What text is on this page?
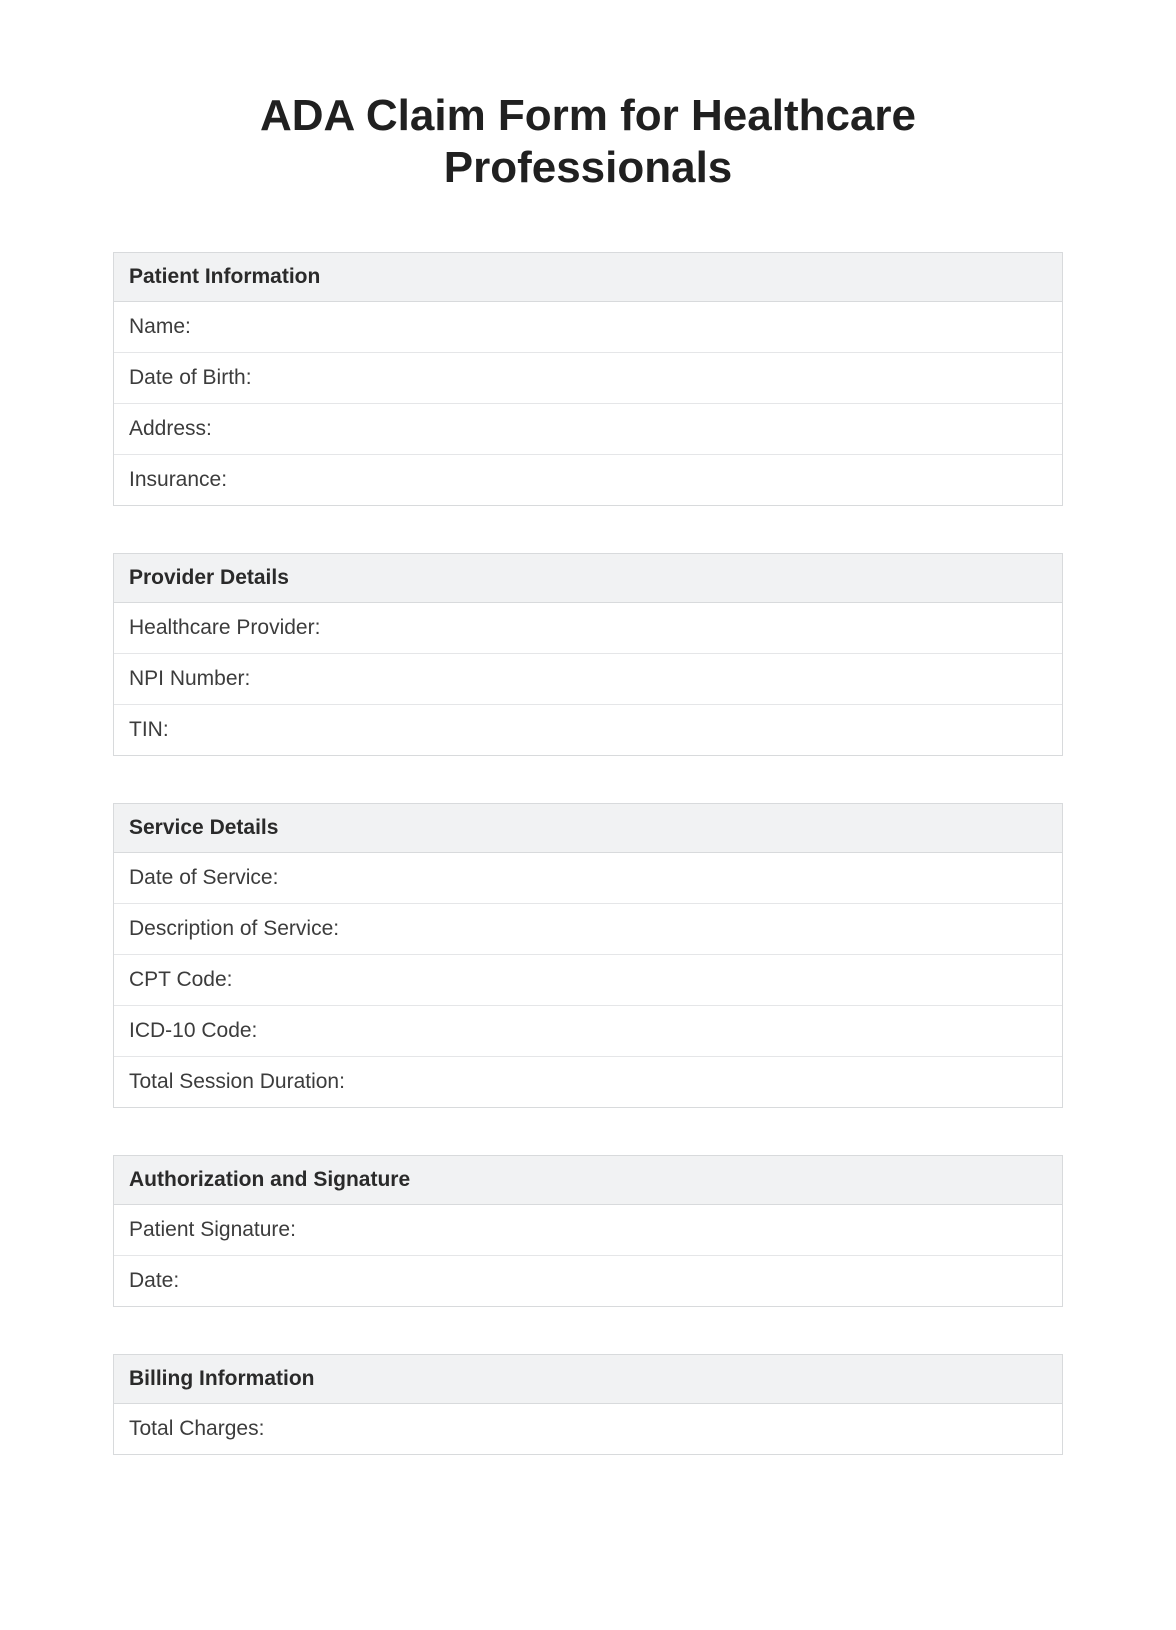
ADA Claim Form for Healthcare Professionals
Patient Information
Name:
Date of Birth:
Address:
Insurance:
Provider Details
Healthcare Provider:
NPI Number:
TIN:
Service Details
Date of Service:
Description of Service:
CPT Code:
ICD-10 Code:
Total Session Duration:
Authorization and Signature
Patient Signature:
Date:
Billing Information
Total Charges:
